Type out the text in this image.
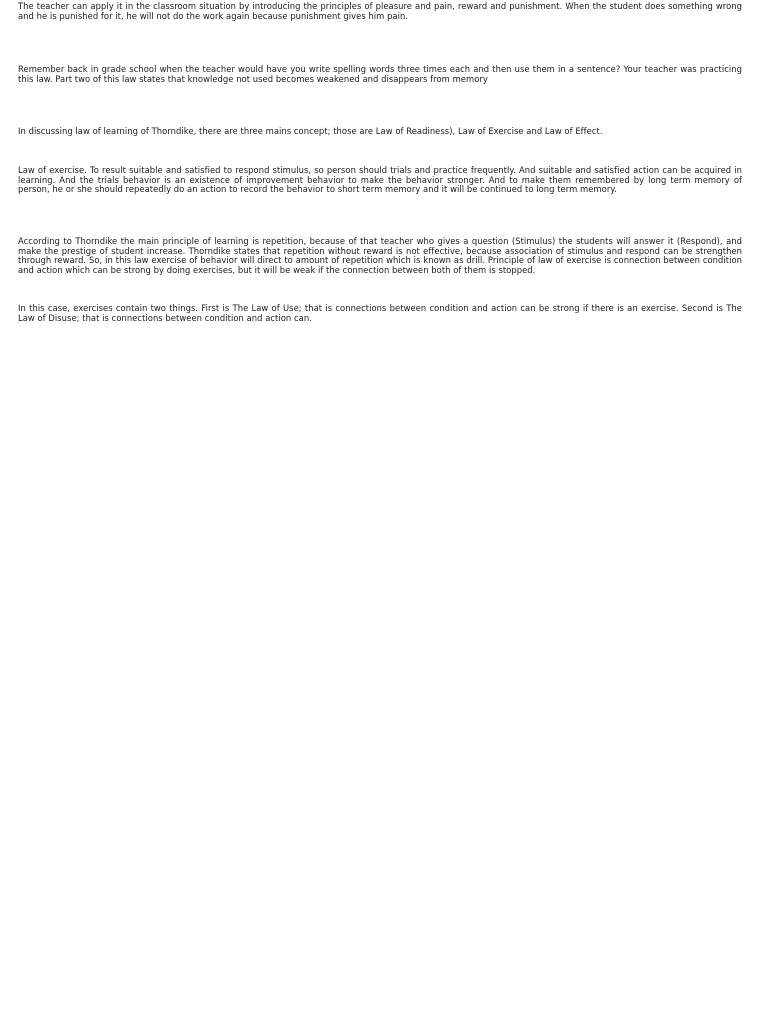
The teacher can apply it in the classroom situation by introducing the principles of pleasure and pain, reward and punishment. When the student does something wrong and he is punished for it, he will not do the work again because punishment gives him pain.

Remember back in grade school when the teacher would have you write spelling words three times each and then use them in a sentence? Your teacher was practicing this law. Part two of this law states that knowledge not used becomes weakened and disappears from memory

In discussing law of learning of Thorndike, there are three mains concept; those are Law of Readiness), Law of Exercise and Law of Effect.

Law of exercise. To result suitable and satisfied to respond stimulus, so person should trials and practice frequently. And suitable and satisfied action can be acquired in learning. And the trials behavior is an existence of improvement behavior to make the behavior stronger. And to make them remembered by long term memory of person, he or she should repeatedly do an action to record the behavior to short term memory and it will be continued to long term memory.

According to Thorndike the main principle of learning is repetition, because of that teacher who gives a question (Stimulus) the students will answer it (Respond), and make the prestige of student increase. Thorndike states that repetition without reward is not effective, because association of stimulus and respond can be strengthen through reward. So, in this law exercise of behavior will direct to amount of repetition which is known as drill. Principle of law of exercise is connection between condition and action which can be strong by doing exercises, but it will be weak if the connection between both of them is stopped.

In this case, exercises contain two things. First is The Law of Use; that is connections between condition and action can be strong if there is an exercise. Second is The Law of Disuse; that is connections between condition and action can.
